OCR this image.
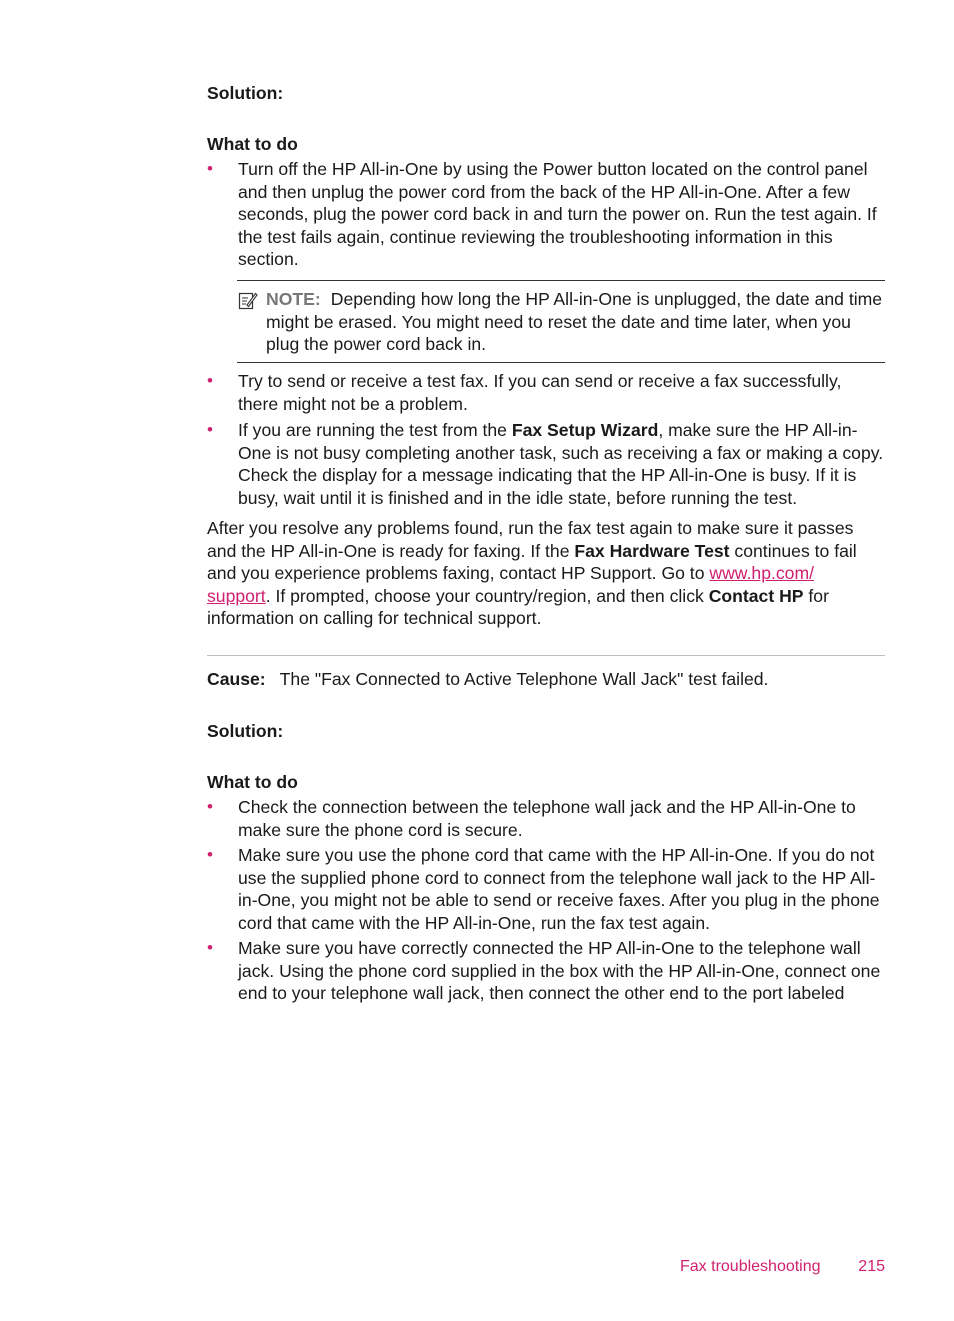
Solution:

What to do

• Turn off the HP All-in-One by using the Power button located on the control panel and then unplug the power cord from the back of the HP All-in-One. After a few seconds, plug the power cord back in and turn the power on. Run the test again. If the test fails again, continue reviewing the troubleshooting information in this section.
NOTE: Depending how long the HP All-in-One is unplugged, the date and time might be erased. You might need to reset the date and time later, when you plug the power cord back in.
• Try to send or receive a test fax. If you can send or receive a fax successfully, there might not be a problem.
• If you are running the test from the Fax Setup Wizard, make sure the HP All-in-One is not busy completing another task, such as receiving a fax or making a copy. Check the display for a message indicating that the HP All-in-One is busy. If it is busy, wait until it is finished and in the idle state, before running the test.

After you resolve any problems found, run the fax test again to make sure it passes and the HP All-in-One is ready for faxing. If the Fax Hardware Test continues to fail and you experience problems faxing, contact HP Support. Go to www.hp.com/
support. If prompted, choose your country/region, and then click Contact HP for information on calling for technical support.

Cause: The "Fax Connected to Active Telephone Wall Jack" test failed.

Solution:

What to do

• Check the connection between the telephone wall jack and the HP All-in-One to make sure the phone cord is secure.
• Make sure you use the phone cord that came with the HP All-in-One. If you do not use the supplied phone cord to connect from the telephone wall jack to the HP All-in-One, you might not be able to send or receive faxes. After you plug in the phone cord that came with the HP All-in-One, run the fax test again.
• Make sure you have correctly connected the HP All-in-One to the telephone wall jack. Using the phone cord supplied in the box with the HP All-in-One, connect one end to your telephone wall jack, then connect the other end to the port labeled
Fax troubleshooting 215
